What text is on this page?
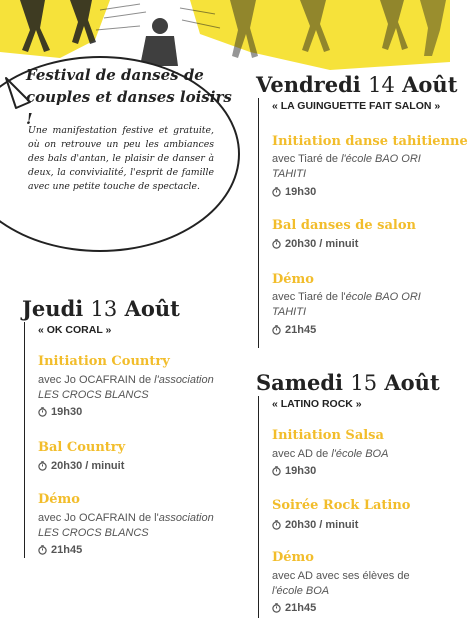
Festival de danses de
couples et danses loisirs !
Une manifestation festive et gratuite, où on retrouve un peu les ambiances des bals d'antan, le plaisir de danser à deux, la convivialité, l'esprit de famille avec une petite touche de spectacle.
Vendredi 14 Août
« LA GUINGUETTE FAIT SALON »
Initiation danse tahitienne
avec Tiaré de l'école BAO ORI
TAHITI
19h30
Bal danses de salon
20h30 / minuit
Démo
avec Tiaré de l'école BAO ORI
TAHITI
21h45
Jeudi 13 Août
« OK CORAL »
Initiation Country
avec Jo OCAFRAIN de l'association
LES CROCS BLANCS
19h30
Bal Country
20h30 / minuit
Démo
avec Jo OCAFRAIN de l'association
LES CROCS BLANCS
21h45
Samedi 15 Août
« LATINO ROCK »
Initiation Salsa
avec AD de l'école BOA
19h30
Soirée Rock Latino
20h30 / minuit
Démo
avec AD avec ses élèves de
l'école BOA
21h45
